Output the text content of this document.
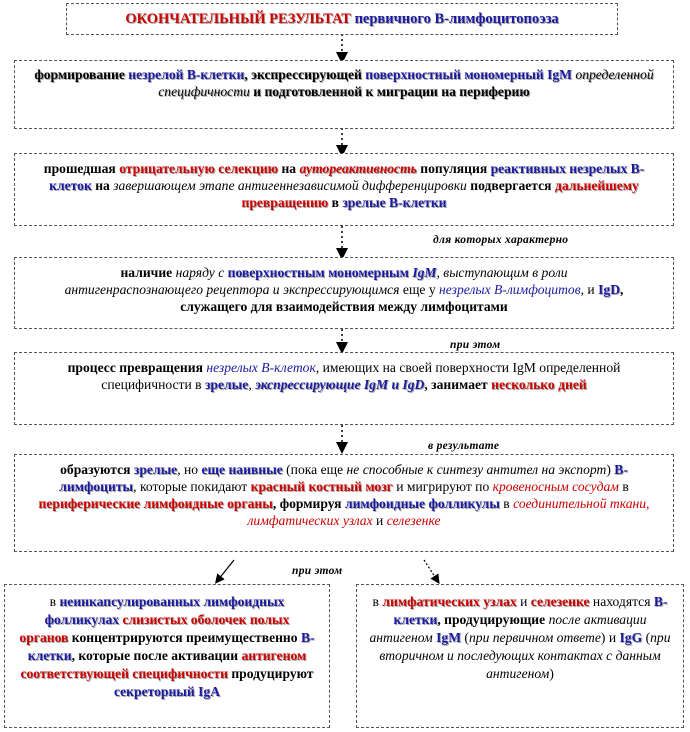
ОКОНЧАТЕЛЬНЫЙ РЕЗУЛЬТАТ первичного В-лимфоцитопоэза
формирование незрелой В-клетки, экспрессирующей поверхностный мономерный IgM определенной специфичности и подготовленной к миграции на периферию
прошедшая отрицательную селекцию на аутореактивность популяция реактивных незрелых В-клеток на завершающем этапе антигеннезависимой дифференцировки подвергается дальнейшему превращению в зрелые В-клетки
для которых характерно
наличие наряду с поверхностным мономерным IgM, выступающим в роли антигенраспознающего рецептора и экспрессирующимся еще у незрелых В-лимфоцитов, и IgD, служащего для взаимодействия между лимфоцитами
при этом
процесс превращения незрелых В-клеток, имеющих на своей поверхности IgM определенной специфичности в зрелые, экспрессирующие IgM и IgD, занимает несколько дней
в результате
образуются зрелые, но еще наивные (пока еще не способные к синтезу антител на экспорт) В-лимфоциты, которые покидают красный костный мозг и мигрируют по кровеносным сосудам в периферические лимфоидные органы, формируя лимфоидные фолликулы в соединительной ткани, лимфатических узлах и селезенке
при этом
в неинкапсулированных лимфоидных фолликулах слизистых оболочек полых органов концентрируются преимущественно В-клетки, которые после активации антигеном соответствующей специфичности продуцируют секреторный IgA
в лимфатических узлах и селезенке находятся В-клетки, продуцирующие после активации антигеном IgM (при первичном ответе) и IgG (при вторичном и последующих контактах с данным антигеном)
